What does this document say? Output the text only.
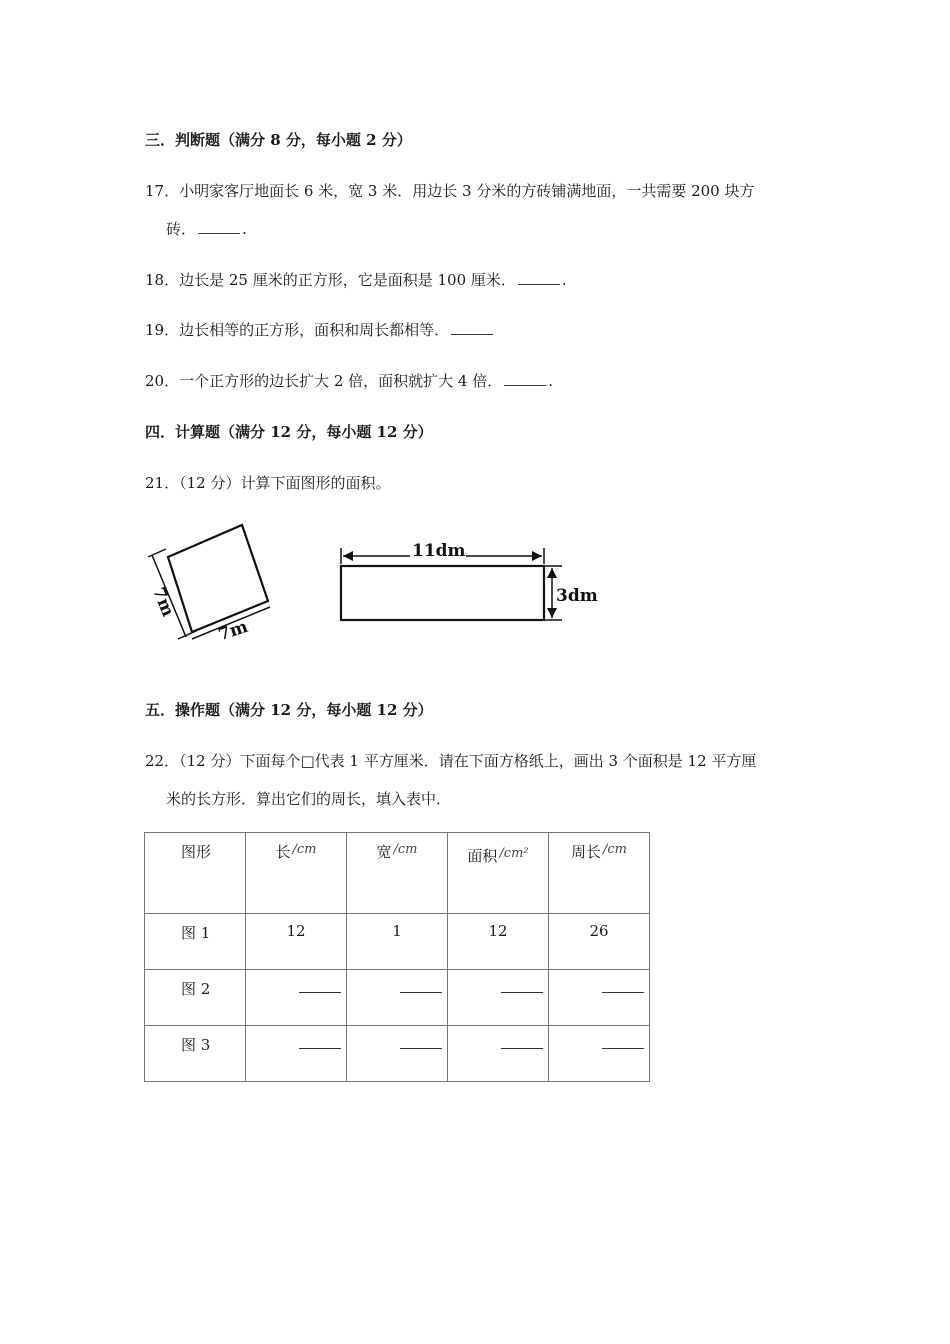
三．判断题（满分 8 分，每小题 2 分）
17．小明家客厅地面长 6 米，宽 3 米．用边长 3 分米的方砖铺满地面，一共需要 200 块方
砖．	.
18．边长是 25 厘米的正方形，它是面积是 100 厘米．	.
19．边长相等的正方形，面积和周长都相等．
20．一个正方形的边长扩大 2 倍，面积就扩大 4 倍．	.
四．计算题（满分 12 分，每小题 12 分）
21．（12 分）计算下面图形的面积。
7m
7m
11dm
3dm
五．操作题（满分 12 分，每小题 12 分）
22．（12 分）下面每个□代表 1 平方厘米．请在下面方格纸上，画出 3 个面积是 12 平方厘
米的长方形．算出它们的周长，填入表中．
图形	长 /cm	宽 /cm	面积 /cm²	周长 /cm

图 1	12	1	12	26

图 2				

图 3				
